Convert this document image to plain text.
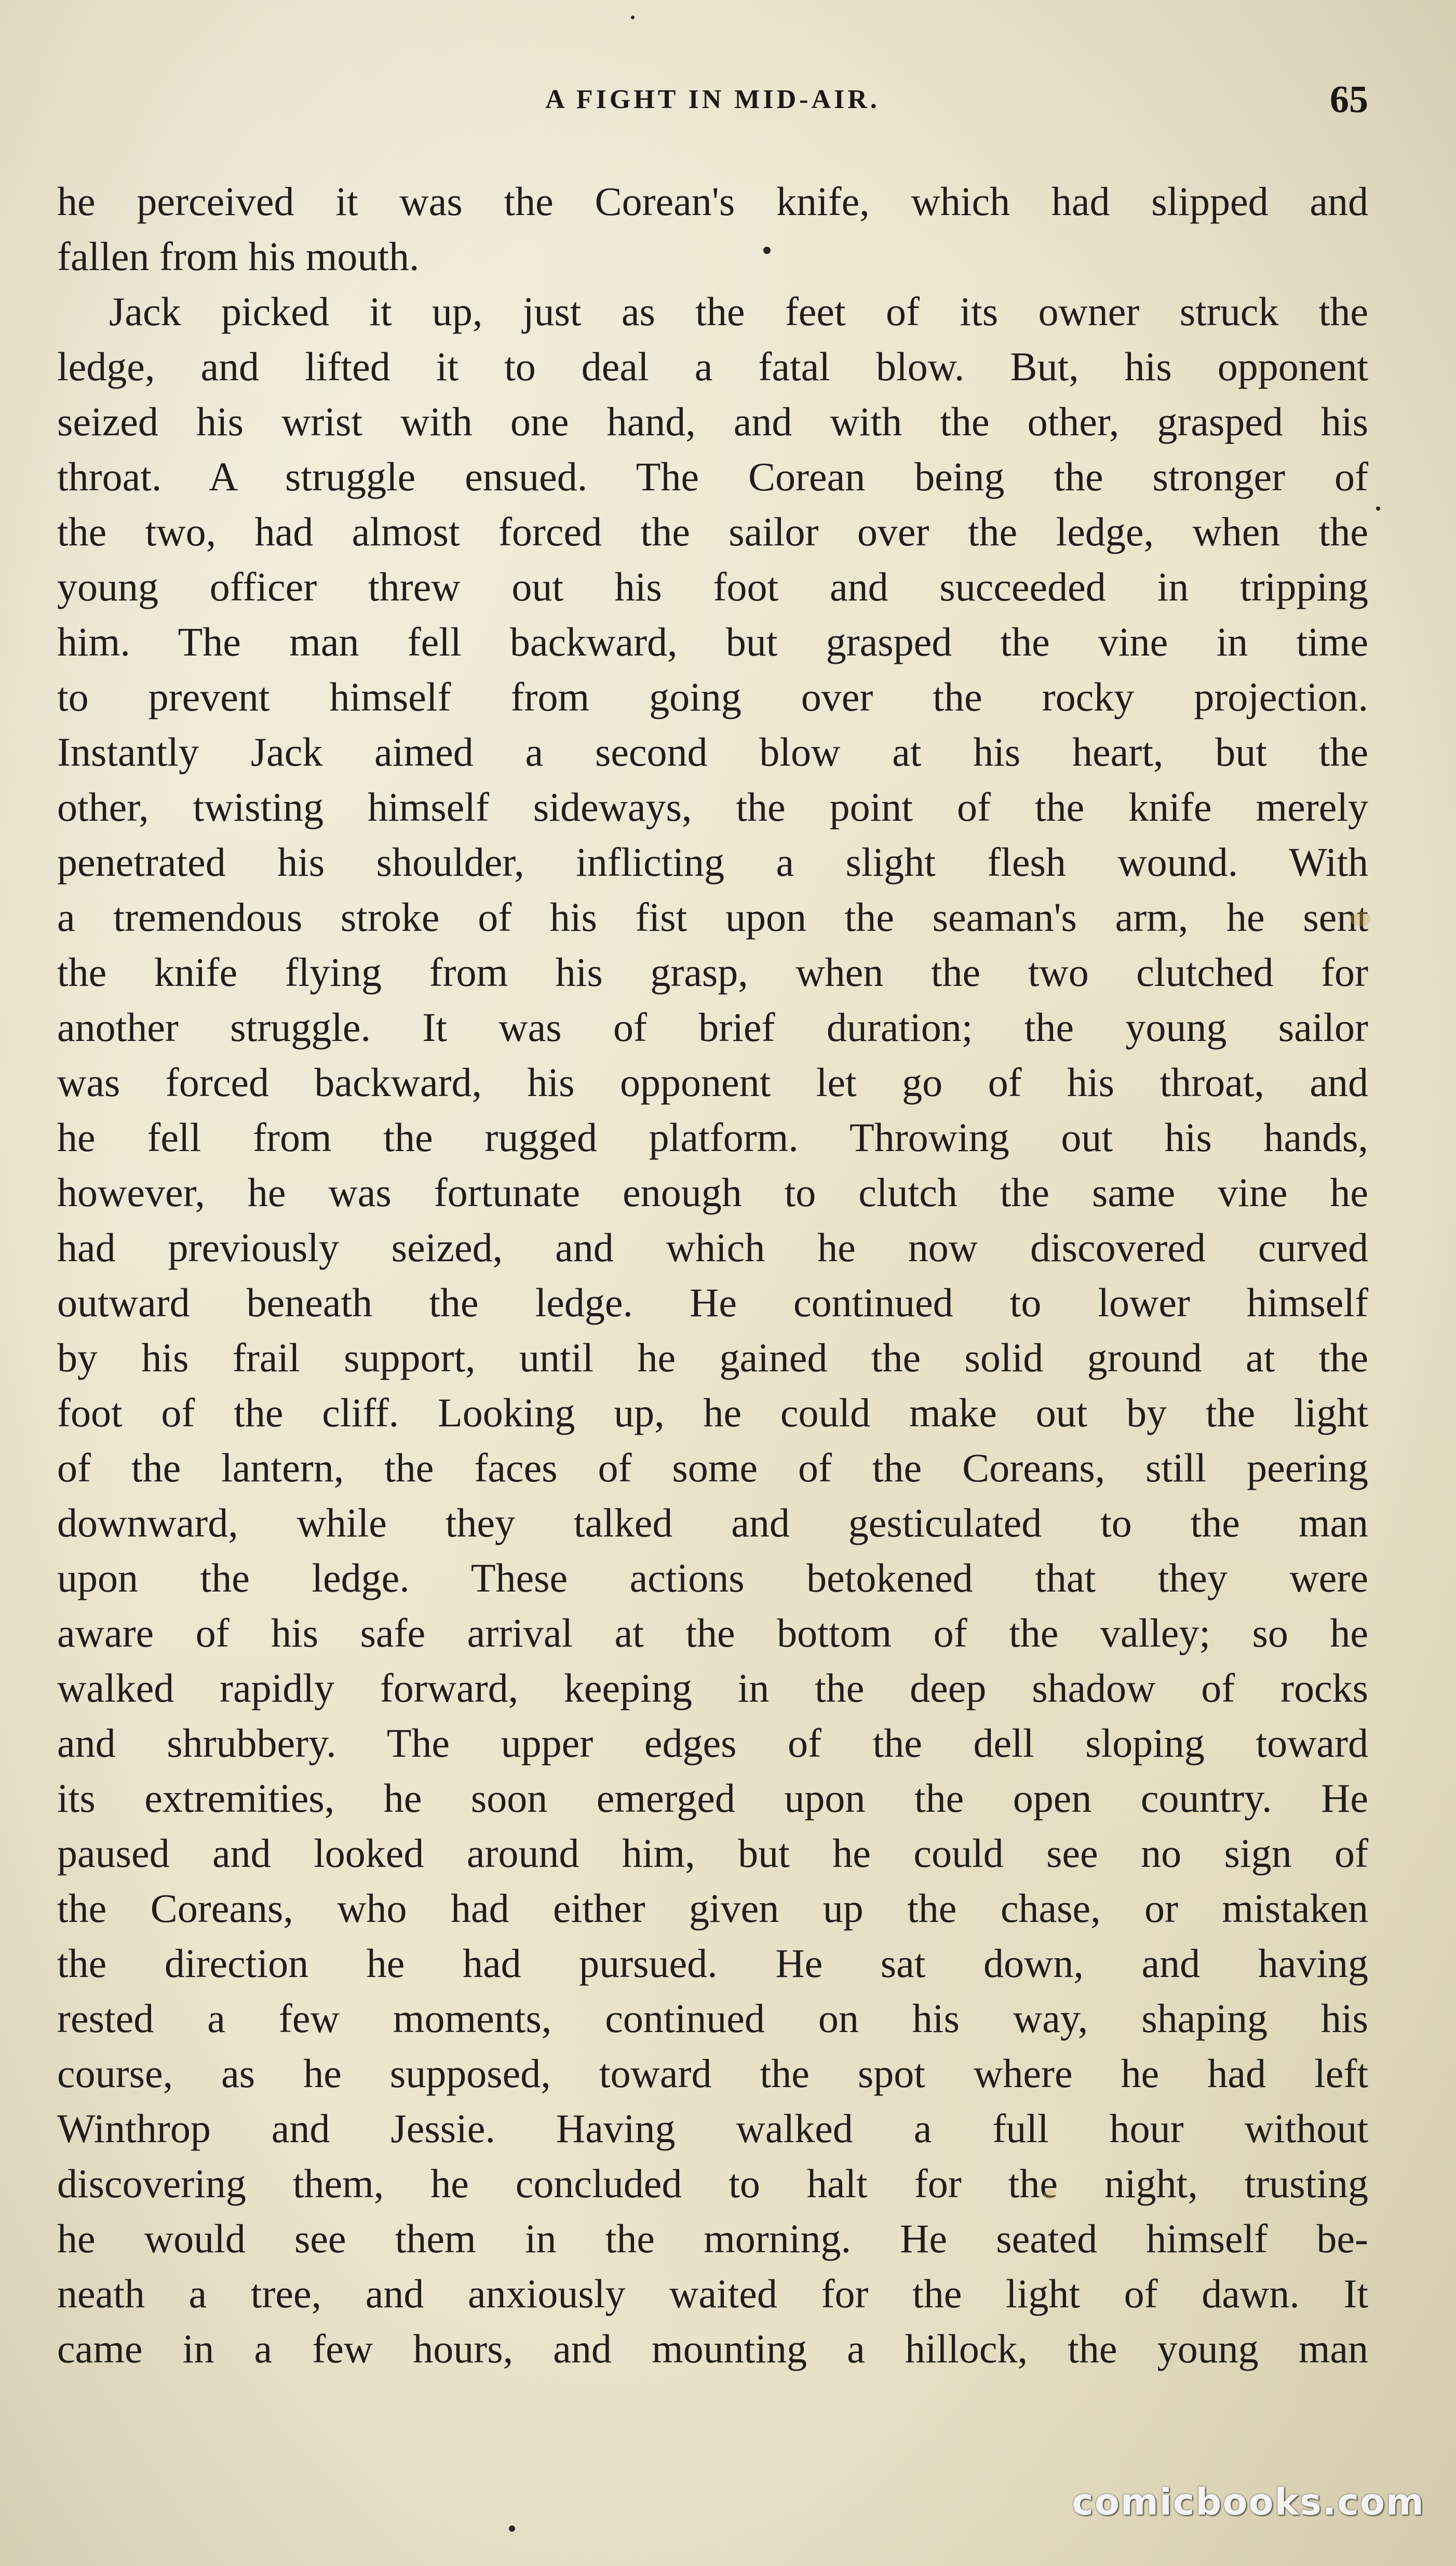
A FIGHT IN MID-AIR.	65
he perceived it was the Corean's knife, which had slipped and
fallen from his mouth.
Jack picked it up, just as the feet of its owner struck the
ledge, and lifted it to deal a fatal blow. But, his opponent
seized his wrist with one hand, and with the other, grasped his
throat. A struggle ensued. The Corean being the stronger of
the two, had almost forced the sailor over the ledge, when the
young officer threw out his foot and succeeded in tripping
him. The man fell backward, but grasped the vine in time
to prevent himself from going over the rocky projection.
Instantly Jack aimed a second blow at his heart, but the
other, twisting himself sideways, the point of the knife merely
penetrated his shoulder, inflicting a slight flesh wound. With
a tremendous stroke of his fist upon the seaman's arm, he sent
the knife flying from his grasp, when the two clutched for
another struggle. It was of brief duration; the young sailor
was forced backward, his opponent let go of his throat, and
he fell from the rugged platform. Throwing out his hands,
however, he was fortunate enough to clutch the same vine he
had previously seized, and which he now discovered curved
outward beneath the ledge. He continued to lower himself
by his frail support, until he gained the solid ground at the
foot of the cliff. Looking up, he could make out by the light
of the lantern, the faces of some of the Coreans, still peering
downward, while they talked and gesticulated to the man
upon the ledge. These actions betokened that they were
aware of his safe arrival at the bottom of the valley; so he
walked rapidly forward, keeping in the deep shadow of rocks
and shrubbery. The upper edges of the dell sloping toward
its extremities, he soon emerged upon the open country. He
paused and looked around him, but he could see no sign of
the Coreans, who had either given up the chase, or mistaken
the direction he had pursued. He sat down, and having
rested a few moments, continued on his way, shaping his
course, as he supposed, toward the spot where he had left
Winthrop and Jessie. Having walked a full hour without
discovering them, he concluded to halt for the night, trusting
he would see them in the morning. He seated himself be-
neath a tree, and anxiously waited for the light of dawn. It
came in a few hours, and mounting a hillock, the young man
comicbooks.com
